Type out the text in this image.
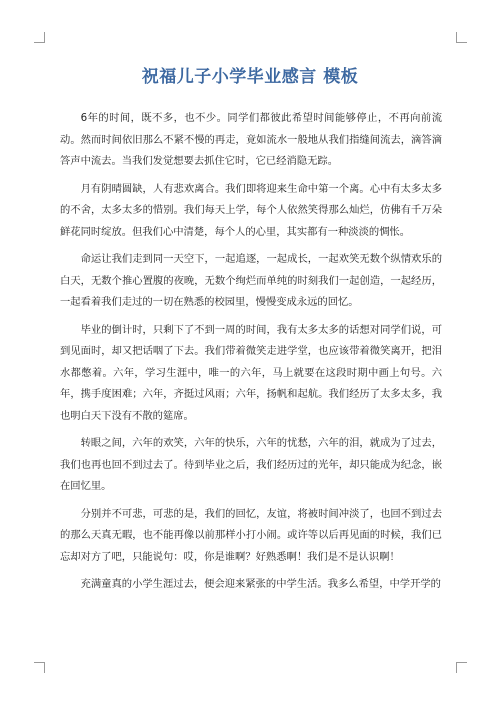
祝福儿子小学毕业感言 模板

6年的时间，既不多，也不少。同学们都彼此希望时间能够停止，不再向前流动。然而时间依旧那么不紧不慢的再走，竟如流水一般地从我们指缝间流去，滴答滴答声中流去。当我们发觉想要去抓住它时，它已经消隐无踪。

月有阴晴圆缺，人有悲欢离合。我们即将迎来生命中第一个离。心中有太多太多的不舍，太多太多的惜别。我们每天上学，每个人依然笑得那么灿烂，仿佛有千万朵鲜花同时绽放。但我们心中清楚，每个人的心里，其实都有一种淡淡的惆怅。

命运让我们走到同一天空下，一起追逐，一起成长，一起欢笑无数个纵情欢乐的白天，无数个推心置腹的夜晚，无数个绚烂而单纯的时刻我们一起创造，一起经历，一起看着我们走过的一切在熟悉的校园里，慢慢变成永远的回忆。

毕业的倒计时，只剩下了不到一周的时间，我有太多太多的话想对同学们说，可到见面时，却又把话咽了下去。我们带着微笑走进学堂，也应该带着微笑离开，把泪水都憋着。六年，学习生涯中，唯一的六年，马上就要在这段时期中画上句号。六年，携手度困难；六年，齐挺过风雨；六年，扬帆和起航。我们经历了太多太多，我也明白天下没有不散的筵席。

转眼之间，六年的欢笑，六年的快乐，六年的忧愁，六年的泪，就成为了过去，我们也再也回不到过去了。待到毕业之后，我们经历过的光年，却只能成为纪念，嵌在回忆里。

分别并不可悲，可悲的是，我们的回忆，友谊，将被时间冲淡了，也回不到过去的那么天真无暇，也不能再像以前那样小打小闹。或许等以后再见面的时候，我们已忘却对方了吧，只能说句：哎，你是谁啊？好熟悉啊！我们是不是认识啊！

充满童真的小学生涯过去，便会迎来紧张的中学生活。我多么希望，中学开学的
